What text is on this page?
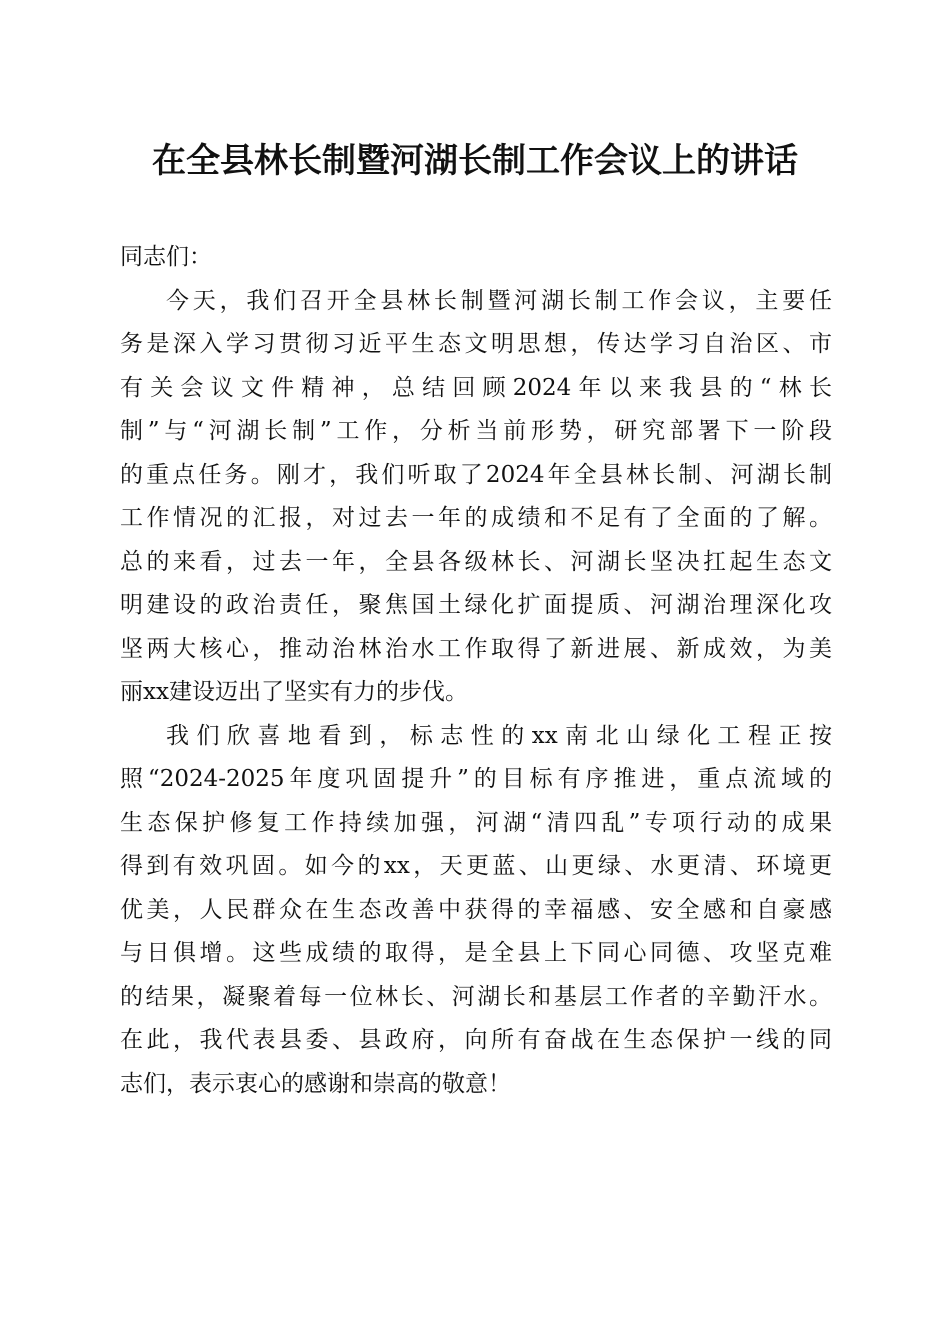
在全县林长制暨河湖长制工作会议上的讲话
同志们：
今天，我们召开全县林长制暨河湖长制工作会议，主要任
务是深入学习贯彻习近平生态文明思想，传达学习自治区、市
有关会议文件精神，总结回顾2024年以来我县的“林长
制”与“河湖长制”工作，分析当前形势，研究部署下一阶段
的重点任务。刚才，我们听取了2024年全县林长制、河湖长制
工作情况的汇报，对过去一年的成绩和不足有了全面的了解。
总的来看，过去一年，全县各级林长、河湖长坚决扛起生态文
明建设的政治责任，聚焦国土绿化扩面提质、河湖治理深化攻
坚两大核心，推动治林治水工作取得了新进展、新成效，为美
丽xx建设迈出了坚实有力的步伐。
我们欣喜地看到，标志性的xx南北山绿化工程正按
照“2024-2025年度巩固提升”的目标有序推进，重点流域的
生态保护修复工作持续加强，河湖“清四乱”专项行动的成果
得到有效巩固。如今的xx，天更蓝、山更绿、水更清、环境更
优美，人民群众在生态改善中获得的幸福感、安全感和自豪感
与日俱增。这些成绩的取得，是全县上下同心同德、攻坚克难
的结果，凝聚着每一位林长、河湖长和基层工作者的辛勤汗水。
在此，我代表县委、县政府，向所有奋战在生态保护一线的同
志们，表示衷心的感谢和崇高的敬意！
